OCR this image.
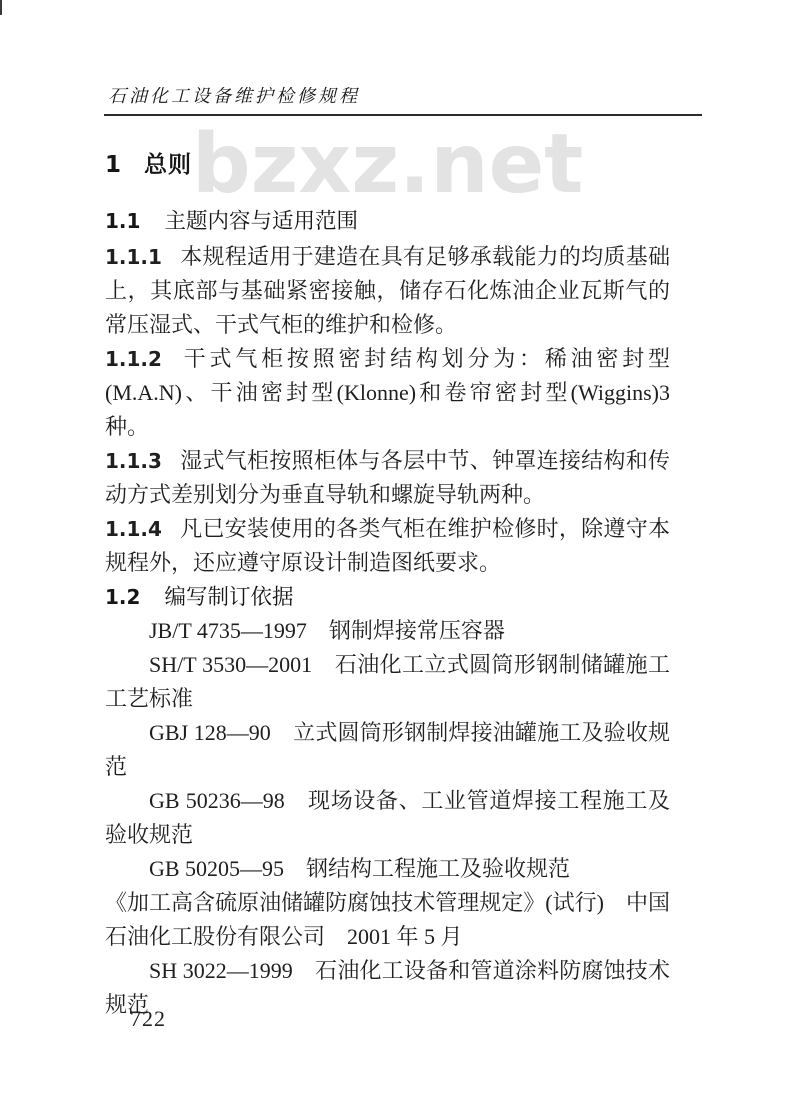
bzxz.net
石油化工设备维护检修规程
1 总则
1.1 主题内容与适用范围

1.1.1 本规程适用于建造在具有足够承载能力的均质基础上，其底部与基础紧密接触，储存石化炼油企业瓦斯气的常压湿式、干式气柜的维护和检修。

1.1.2 干式气柜按照密封结构划分为：稀油密封型(M.A.N)、干油密封型(Klonne)和卷帘密封型(Wiggins)3 种。

1.1.3 湿式气柜按照柜体与各层中节、钟罩连接结构和传动方式差别划分为垂直导轨和螺旋导轨两种。

1.1.4 凡已安装使用的各类气柜在维护检修时，除遵守本规程外，还应遵守原设计制造图纸要求。

1.2 编写制订依据

JB/T 4735—1997　钢制焊接常压容器

SH/T 3530—2001　石油化工立式圆筒形钢制储罐施工工艺标准

GBJ 128—90　立式圆筒形钢制焊接油罐施工及验收规范

GB 50236—98　现场设备、工业管道焊接工程施工及验收规范

GB 50205—95　钢结构工程施工及验收规范

《加工高含硫原油储罐防腐蚀技术管理规定》(试行)　中国石油化工股份有限公司　2001 年 5 月

SH 3022—1999　石油化工设备和管道涂料防腐蚀技术规范

722
